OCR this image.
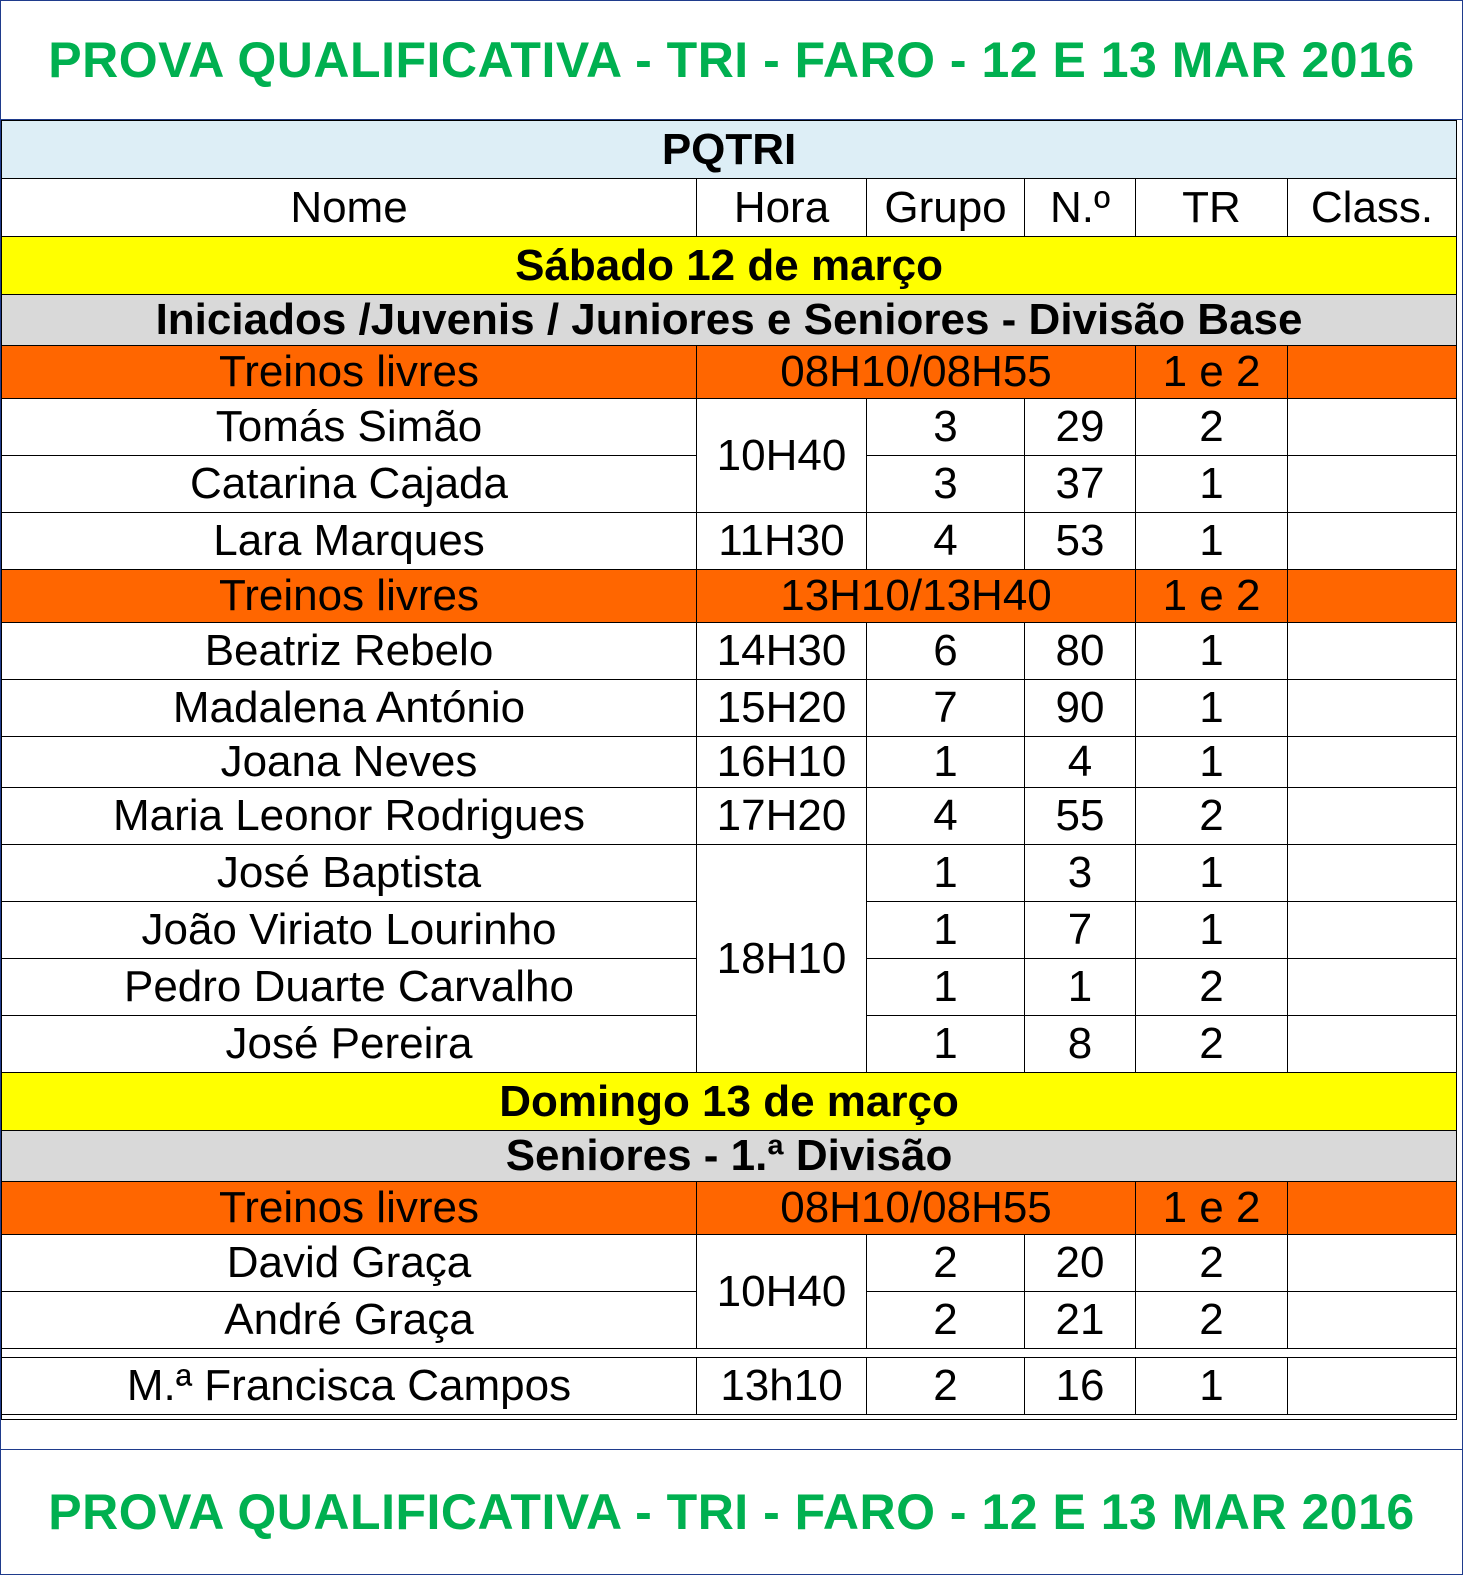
PROVA QUALIFICATIVA - TRI - FARO - 12 E 13 MAR 2016
PQTRI					
Nome	Hora	Grupo	N.º	TR	Class.
Sábado 12 de março					
Iniciados /Juvenis / Juniores e Seniores - Divisão Base					
Treinos livres	08H10/08H55			1 e 2	
Tomás Simão	10H40	3	29	2	
Catarina Cajada		3	37	1	
Lara Marques	11H30	4	53	1	
Treinos livres	13H10/13H40			1 e 2	
Beatriz Rebelo	14H30	6	80	1	
Madalena António	15H20	7	90	1	
Joana Neves	16H10	1	4	1	
Maria Leonor Rodrigues	17H20	4	55	2	
José Baptista	18H10	1	3	1	
João Viriato Lourinho		1	7	1	
Pedro Duarte Carvalho		1	1	2	
José Pereira		1	8	2	
Domingo 13 de março					
Seniores - 1.ª Divisão					
Treinos livres	08H10/08H55			1 e 2	
David Graça	10H40	2	20	2	
André Graça		2	21	2	

M.ª Francisca Campos	13h10	2	16	1	

PROVA QUALIFICATIVA - TRI - FARO - 12 E 13 MAR 2016
